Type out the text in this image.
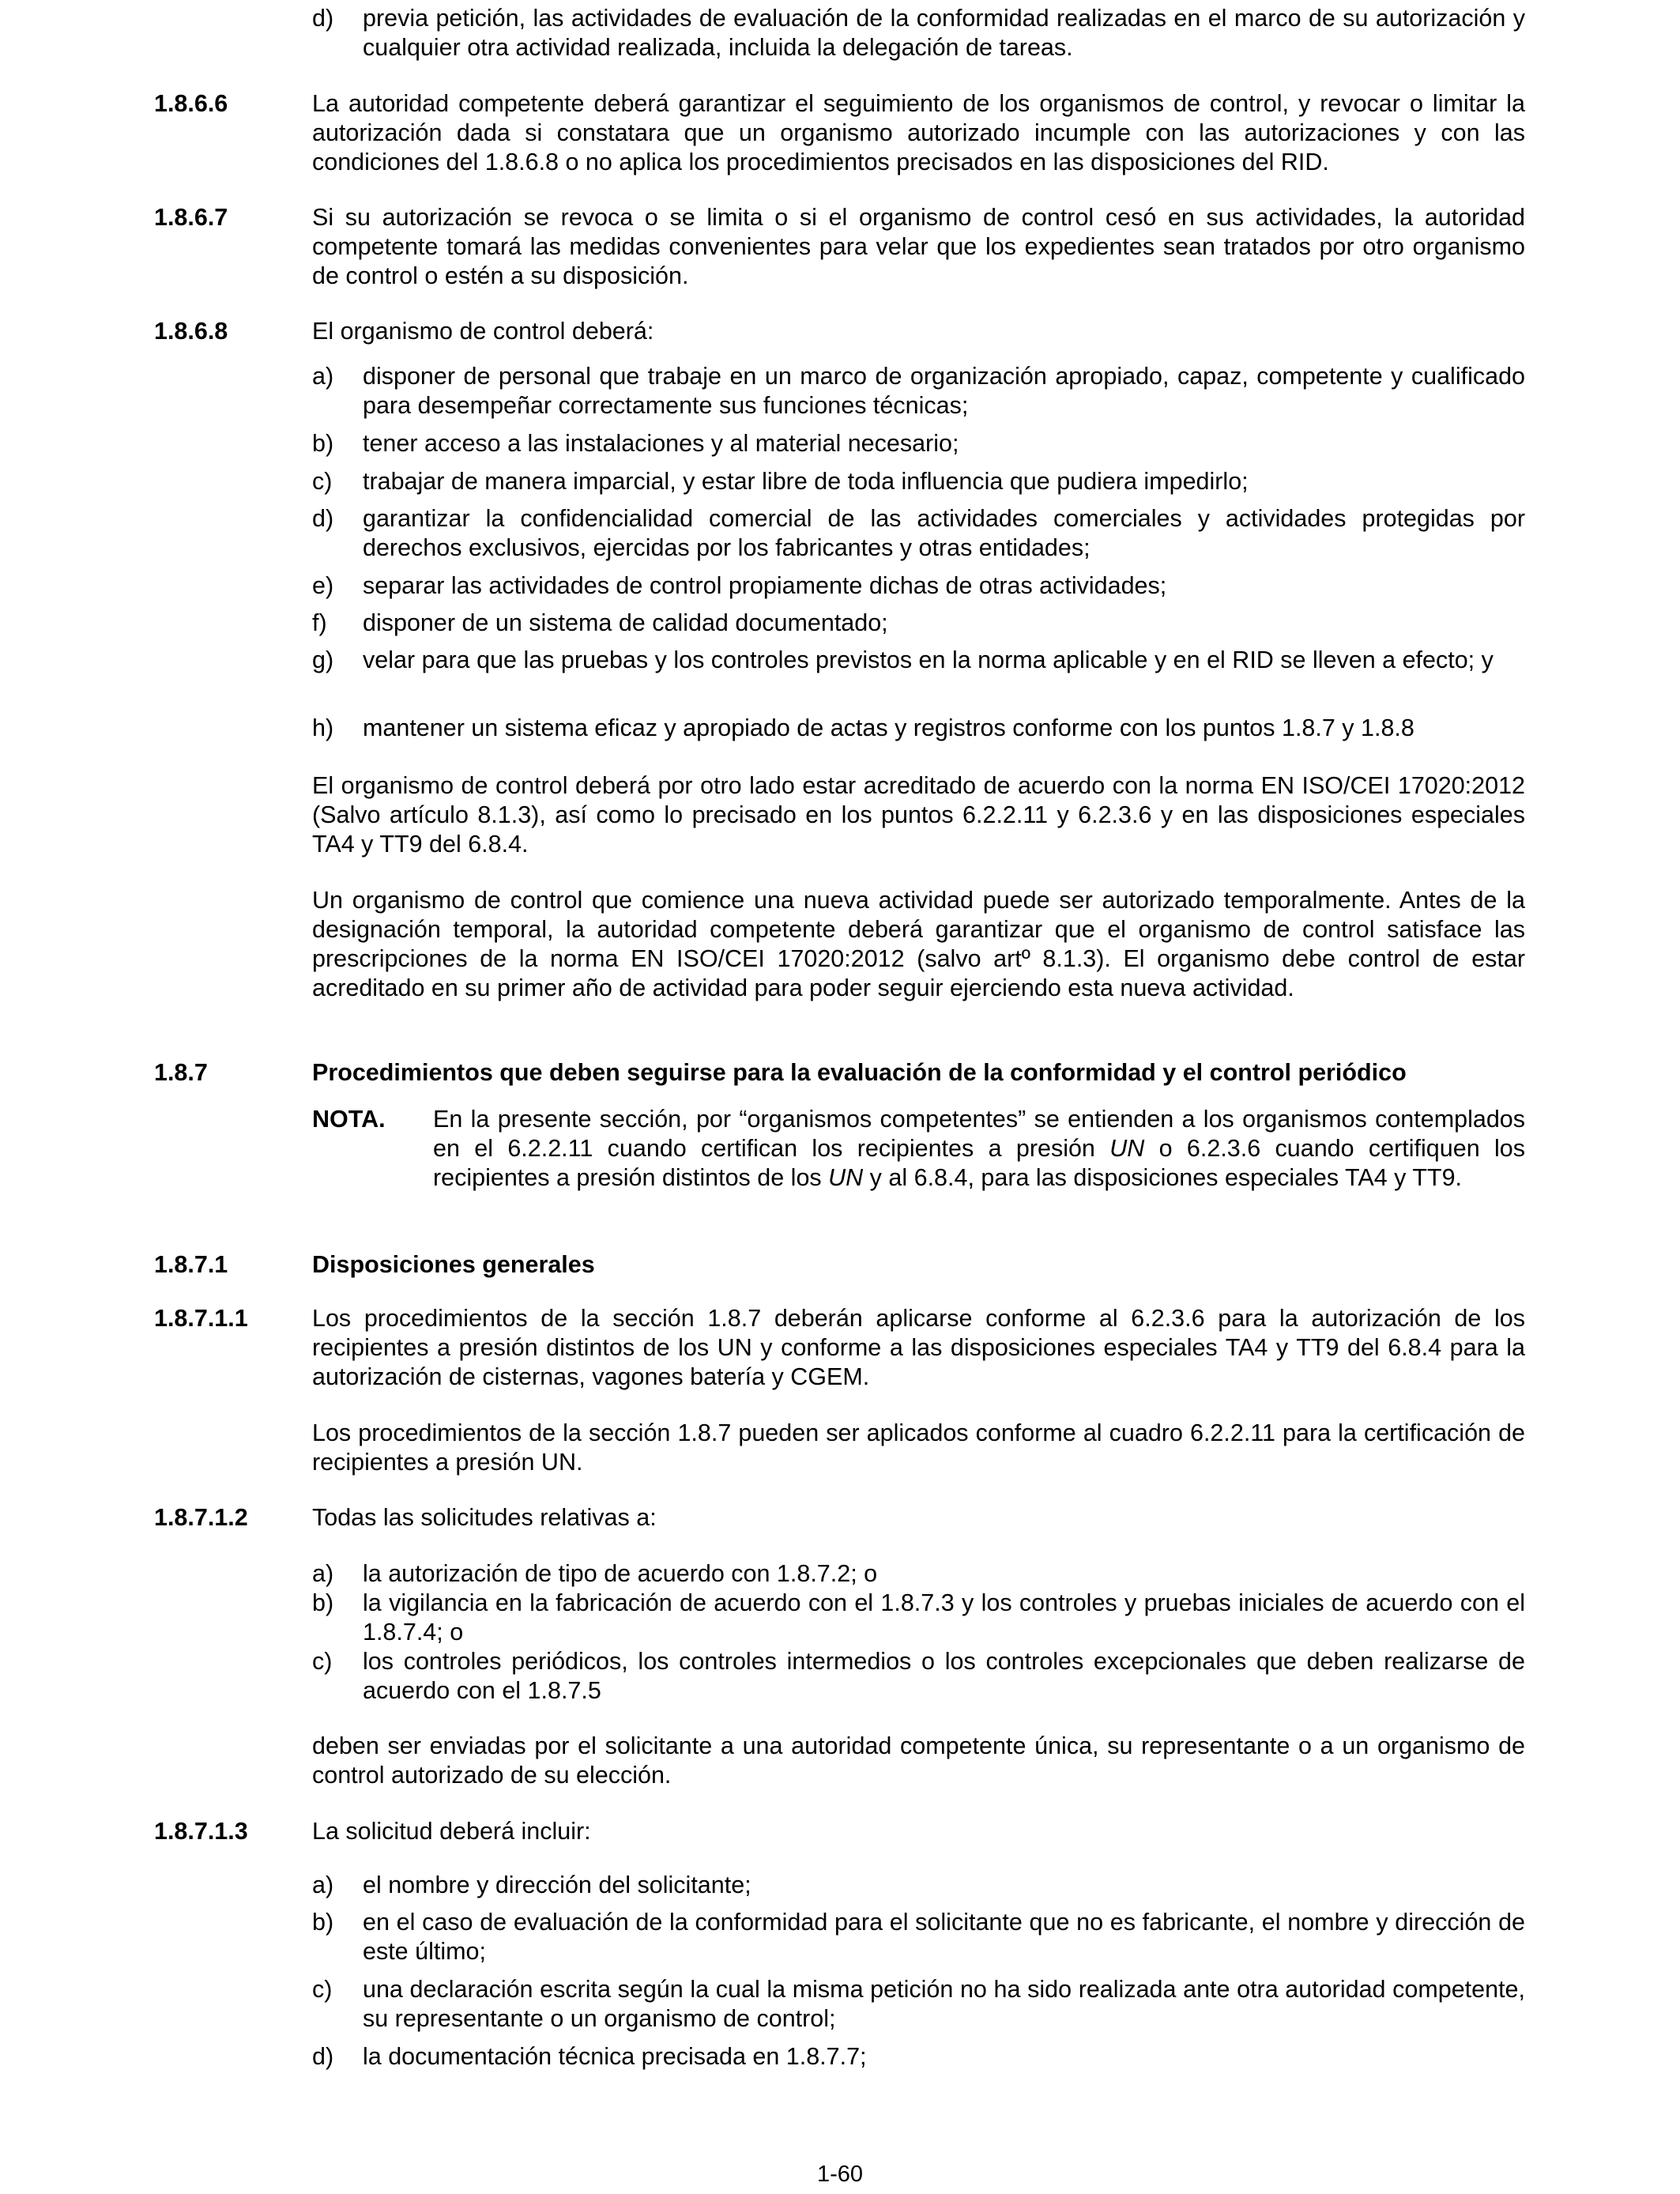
d)	previa petición, las actividades de evaluación de la conformidad realizadas en el marco de su autorización y cualquier otra actividad realizada, incluida la delegación de tareas.
1.8.6.6	La autoridad competente deberá garantizar el seguimiento de los organismos de control, y revocar o limitar la autorización dada si constatara que un organismo autorizado incumple con las autorizaciones y con las condiciones del 1.8.6.8 o no aplica los procedimientos precisados en las disposiciones del RID.

1.8.6.7	Si su autorización se revoca o se limita o si el organismo de control cesó en sus actividades, la autoridad competente tomará las medidas convenientes para velar que los expedientes sean tratados por otro organismo de control o estén a su disposición.

1.8.6.8	El organismo de control deberá:

a)	disponer de personal que trabaje en un marco de organización apropiado, capaz, competente y cualificado para desempeñar correctamente sus funciones técnicas;
b)	tener acceso a las instalaciones y al material necesario;
c)	trabajar de manera imparcial, y estar libre de toda influencia que pudiera impedirlo;
d)	garantizar la confidencialidad comercial de las actividades comerciales y actividades protegidas por derechos exclusivos, ejercidas por los fabricantes y otras entidades;
e)	separar las actividades de control propiamente dichas de otras actividades;
f)	disponer de un sistema de calidad documentado;
g)	velar para que las pruebas y los controles previstos en la norma aplicable y en el RID se lleven a efecto; y
h)	mantener un sistema eficaz y apropiado de actas y registros conforme con los puntos 1.8.7 y 1.8.8

El organismo de control deberá por otro lado estar acreditado de acuerdo con la norma EN ISO/CEI 17020:2012 (Salvo artículo 8.1.3), así como lo precisado en los puntos 6.2.2.11 y 6.2.3.6 y en las disposiciones especiales TA4 y TT9 del 6.8.4.

Un organismo de control que comience una nueva actividad puede ser autorizado temporalmente. Antes de la designación temporal, la autoridad competente deberá garantizar que el organismo de control satisface las prescripciones de la norma EN ISO/CEI 17020:2012 (salvo artº 8.1.3). El organismo debe control de estar acreditado en su primer año de actividad para poder seguir ejerciendo esta nueva actividad.

1.8.7	Procedimientos que deben seguirse para la evaluación de la conformidad y el control periódico
NOTA.	En la presente sección, por “organismos competentes” se entienden a los organismos contemplados en el 6.2.2.11 cuando certifican los recipientes a presión UN o 6.2.3.6 cuando certifiquen los recipientes a presión distintos de los UN y al 6.8.4, para las disposiciones especiales TA4 y TT9.
1.8.7.1	Disposiciones generales
1.8.7.1.1	Los procedimientos de la sección 1.8.7 deberán aplicarse conforme al 6.2.3.6 para la autorización de los recipientes a presión distintos de los UN y conforme a las disposiciones especiales TA4 y TT9 del 6.8.4 para la autorización de cisternas, vagones batería y CGEM.

Los procedimientos de la sección 1.8.7 pueden ser aplicados conforme al cuadro 6.2.2.11 para la certificación de recipientes a presión UN.

1.8.7.1.2	Todas las solicitudes relativas a:

a)	la autorización de tipo de acuerdo con 1.8.7.2; o
b)	la vigilancia en la fabricación de acuerdo con el 1.8.7.3 y los controles y pruebas iniciales de acuerdo con el 1.8.7.4; o
c)	los controles periódicos, los controles intermedios o los controles excepcionales que deben realizarse de acuerdo con el 1.8.7.5

deben ser enviadas por el solicitante a una autoridad competente única, su representante o a un organismo de control autorizado de su elección.

1.8.7.1.3	La solicitud deberá incluir:

a)	el nombre y dirección del solicitante;
b)	en el caso de evaluación de la conformidad para el solicitante que no es fabricante, el nombre y dirección de este último;
c)	una declaración escrita según la cual la misma petición no ha sido realizada ante otra autoridad competente, su representante o un organismo de control;
d)	la documentación técnica precisada en 1.8.7.7;
1-60
